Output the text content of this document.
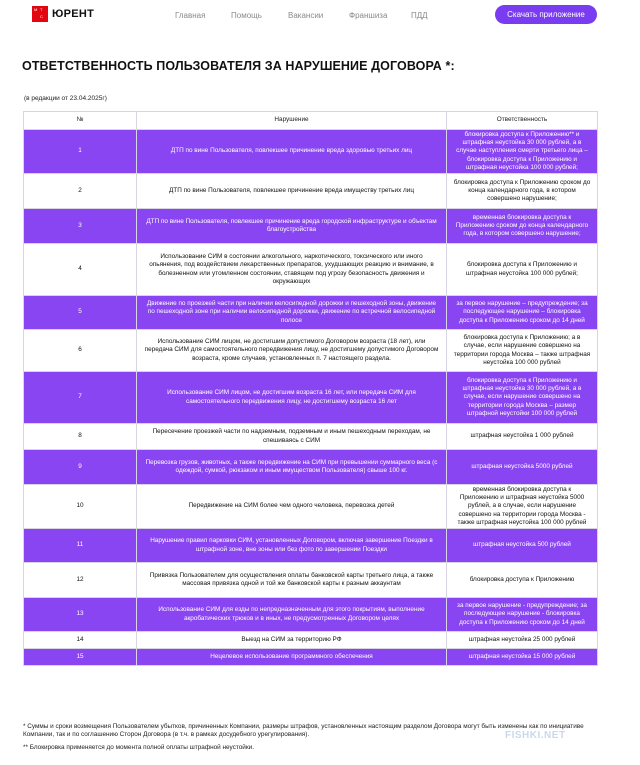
М Т
С ЮРЕНТ	Главная	Помощь	Вакансии	Франшиза	ПДД	Скачать приложение
ОТВЕТСТВЕННОСТЬ ПОЛЬЗОВАТЕЛЯ ЗА НАРУШЕНИЕ ДОГОВОРА *:
(в редакции от 23.04.2025г)
№	Нарушение	Ответственность
1	ДТП по вине Пользователя, повлекшее причинение вреда здоровью третьих лиц	блокировка доступа к Приложению** и штрафная неустойка 30 000 рублей, а в случае наступления смерти третьего лица – блокировка доступа к Приложению и штрафная неустойка 100 000 рублей;
2	ДТП по вине Пользователя, повлекшее причинение вреда имуществу третьих лиц	блокировка доступа к Приложению сроком до конца календарного года, в котором совершено нарушение;
3	ДТП по вине Пользователя, повлекшее причинение вреда городской инфраструктуре и объектам благоустройства	временная блокировка доступа к Приложению сроком до конца календарного года, в котором совершено нарушение;
4	Использование СИМ в состоянии алкогольного, наркотического, токсического или иного опьянения, под воздействием лекарственных препаратов, ухудшающих реакцию и внимание, в болезненном или утомленном состоянии, ставящем под угрозу безопасность движения и окружающих	блокировка доступа к Приложению и штрафная неустойка 100 000 рублей;
5	Движение по проезжей части при наличии велосипедной дорожки и пешеходной зоны, движение по пешеходной зоне при наличии велосипедной дорожки, движение по встречной велосипедной полосе	за первое нарушение – предупреждение; за последующее нарушение – блокировка доступа к Приложению сроком до 14 дней
6	Использование СИМ лицом, не достигшим допустимого Договором возраста (18 лет), или передача СИМ для самостоятельного передвижения лицу, не достигшему допустимого Договором возраста, кроме случаев, установленных п. 7 настоящего раздела.	блокировка доступа к Приложению; а в случае, если нарушение совершено на территории города Москва – также штрафная неустойка 100 000 рублей
7	Использование СИМ лицом, не достигшим возраста 16 лет, или передача СИМ для самостоятельного передвижения лицу, не достигшему возраста 16 лет	блокировка доступа к Приложению и штрафная неустойка 30 000 рублей, а в случае, если нарушение совершено на территории города Москва – размер штрафной неустойки 100 000 рублей
8	Пересечение проезжей части по надземным, подземным и иным пешеходным переходам, не спешиваясь с СИМ	штрафная неустойка 1 000 рублей
9	Перевозка грузов, животных, а также передвижение на СИМ при превышении суммарного веса (с одеждой, сумкой, рюкзаком и иным имуществом Пользователя) свыше 100 кг.	штрафная неустойка 5000 рублей
10	Передвижение на СИМ более чем одного человека, перевозка детей	временная блокировка доступа к Приложению и штрафная неустойка 5000 рублей, а в случае, если нарушение совершено на территории города Москва - также штрафная неустойка 100 000 рублей
11	Нарушение правил парковки СИМ, установленных Договором, включая завершение Поездки в штрафной зоне, вне зоны или без фото по завершении Поездки	штрафная неустойка 500 рублей
12	Привязка Пользователем для осуществления оплаты банковской карты третьего лица, а также массовая привязка одной и той же банковской карты к разным аккаунтам	блокировка доступа к Приложению
13	Использование СИМ для езды по непредназначенным для этого покрытиям, выполнение акробатических трюков и в иных, не предусмотренных Договором целях	за первое нарушение - предупреждение; за последующее нарушение - блокировка доступа к Приложению сроком до 14 дней
14	Выезд на СИМ за территорию РФ	штрафная неустойка 25 000 рублей
15	Нецелевое использование программного обеспечения	штрафная неустойка 15 000 рублей

* Суммы и сроки возмещения Пользователем убытков, причиненных Компании, размеры штрафов, установленных настоящим разделом Договора могут быть изменены как по инициативе Компании, так и по соглашению Сторон Договора (в т.ч. в рамках досудебного урегулирования).

** Блокировка применяется до момента полной оплаты штрафной неустойки.

FISHKI.NET
